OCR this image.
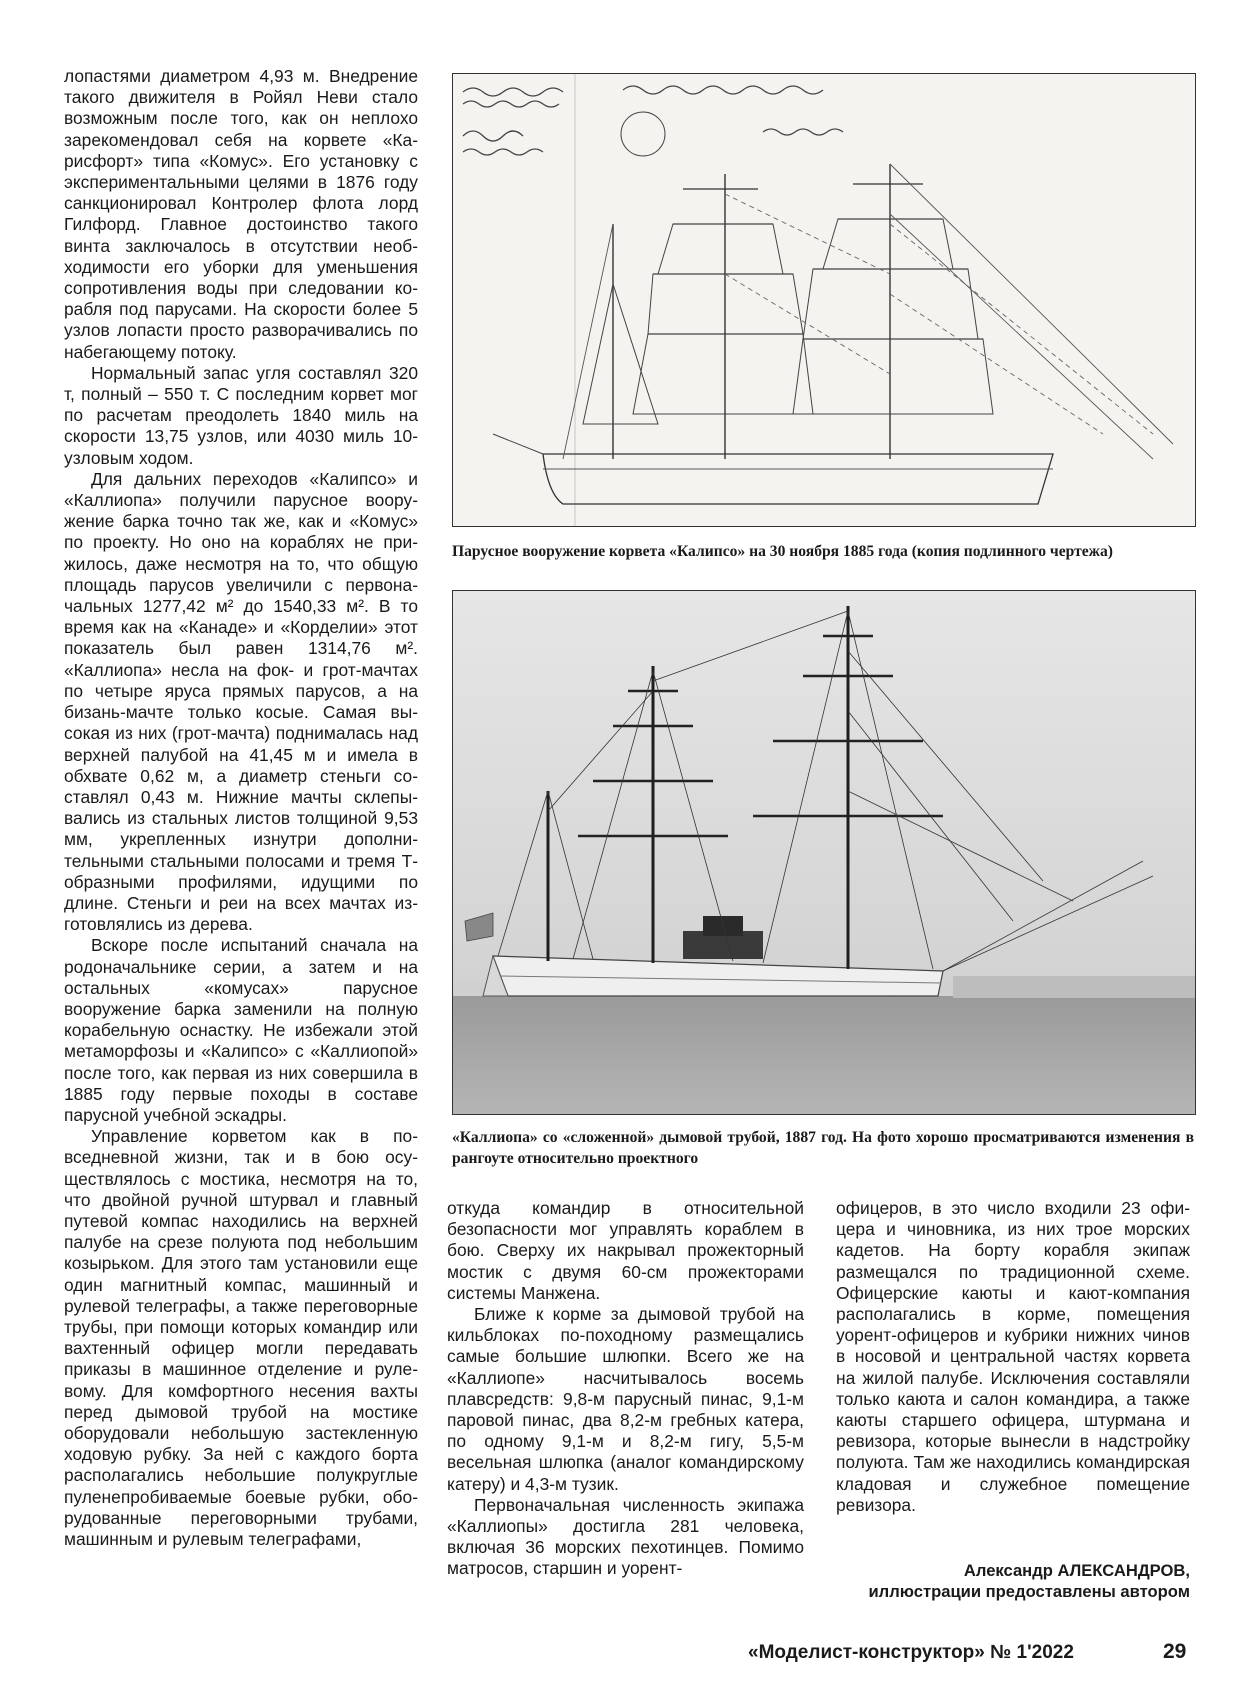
лопастями диаметром 4,93 м. Внедрение такого движителя в Ройял Неви стало возможным после того, как он неплохо зарекомендовал себя на корвете «Карисфорт» типа «Комус». Его установку с экспериментальными целями в 1876 году санкционировал Контролер флота лорд Гилфорд. Главное достоинство такого винта заключалось в отсутствии необходимости его уборки для уменьшения сопротивления воды при следовании корабля под парусами. На скорости более 5 узлов лопасти просто разворачивались по набегающему потоку.

Нормальный запас угля составлял 320 т, полный – 550 т. С последним корвет мог по расчетам преодолеть 1840 миль на скорости 13,75 узлов, или 4030 миль 10-узловым ходом.

Для дальних переходов «Калипсо» и «Каллиопа» получили парусное вооружение барка точно так же, как и «Комус» по проекту. Но оно на кораблях не прижилось, даже несмотря на то, что общую площадь парусов увеличили с первоначальных 1277,42 м² до 1540,33 м². В то время как на «Канаде» и «Корделии» этот показатель был равен 1314,76 м². «Каллиопа» несла на фок- и грот-мачтах по четыре яруса прямых парусов, а на бизань-мачте только косые. Самая высокая из них (грот-мачта) поднималась над верхней палубой на 41,45 м и имела в обхвате 0,62 м, а диаметр стеньги составлял 0,43 м. Нижние мачты склепывались из стальных листов толщиной 9,53 мм, укрепленных изнутри дополнительными стальными полосами и тремя Т-образными профилями, идущими по длине. Стеньги и реи на всех мачтах изготовлялись из дерева.

Вскоре после испытаний сначала на родоначальнике серии, а затем и на остальных «комусах» парусное вооружение барка заменили на полную корабельную оснастку. Не избежали этой метаморфозы и «Калипсо» с «Каллиопой» после того, как первая из них совершила в 1885 году первые походы в составе парусной учебной эскадры.

Управление корветом как в повседневной жизни, так и в бою осуществлялось с мостика, несмотря на то, что двойной ручной штурвал и главный путевой компас находились на верхней палубе на срезе полуюта под небольшим козырьком. Для этого там установили еще один магнитный компас, машинный и рулевой телеграфы, а также переговорные трубы, при помощи которых командир или вахтенный офицер могли передавать приказы в машинное отделение и рулевому. Для комфортного несения вахты перед дымовой трубой на мостике оборудовали небольшую застекленную ходовую рубку. За ней с каждого борта располагались небольшие полукруглые пуленепробиваемые боевые рубки, оборудованные переговорными трубами, машинным и рулевым телеграфами,

Парусное вооружение корвета «Калипсо» на 30 ноября 1885 года (копия подлинного чертежа)
«Каллиопа» со «сложенной» дымовой трубой, 1887 год. На фото хорошо просматриваются изменения в рангоуте относительно проектного

откуда командир в относительной безопасности мог управлять кораблем в бою. Сверху их накрывал прожекторный мостик с двумя 60-см прожекторами системы Манжена.

Ближе к корме за дымовой трубой на кильблоках по-походному размещались самые большие шлюпки. Всего же на «Каллиопе» насчитывалось восемь плавсредств: 9,8-м парусный пинас, 9,1-м паровой пинас, два 8,2-м гребных катера, по одному 9,1-м и 8,2-м гигу, 5,5-м весельная шлюпка (аналог командирскому катеру) и 4,3-м тузик.

Первоначальная численность экипажа «Каллиопы» достигла 281 человека, включая 36 морских пехотинцев. Помимо матросов, старшин и уорент-

офицеров, в это число входили 23 офицера и чиновника, из них трое морских кадетов. На борту корабля экипаж размещался по традиционной схеме. Офицерские каюты и кают-компания располагались в корме, помещения уорент-офицеров и кубрики нижних чинов в носовой и центральной частях корвета на жилой палубе. Исключения составляли только каюта и салон командира, а также каюты старшего офицера, штурмана и ревизора, которые вынесли в надстройку полуюта. Там же находились командирская кладовая и служебное помещение ревизора.

Александр АЛЕКСАНДРОВ,
иллюстрации предоставлены автором
«Моделист-конструктор» № 1'2022	29
